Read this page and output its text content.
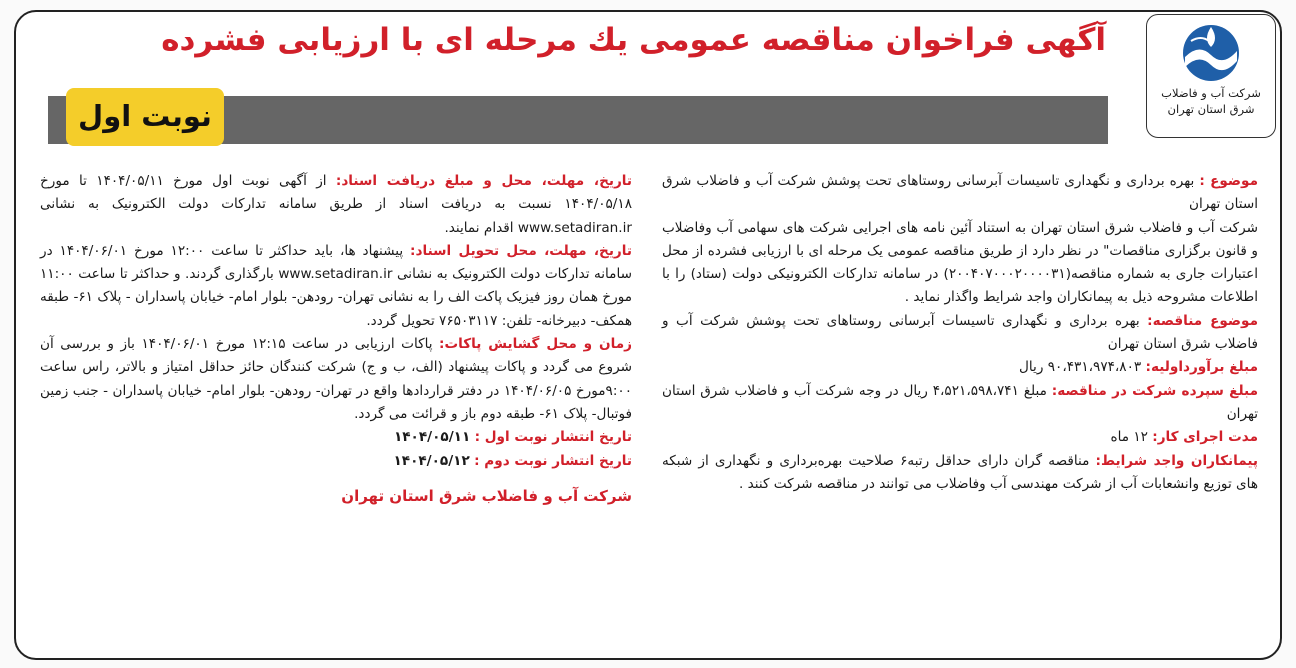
شرکت آب و فاضلاب
شرق استان تهران
آگهی فراخوان مناقصه عمومی یك مرحله ای با ارزیابی فشرده
نوبت اول

موضوع : بهره برداری و نگهداری تاسیسات آبرسانی روستاهای تحت پوشش شرکت آب و فاضلاب شرق استان تهران

شرکت آب و فاضلاب شرق استان تهران به استناد آئین نامه های اجرایی شرکت های سهامی آب وفاضلاب و قانون برگزاری مناقصات" در نظر دارد از طریق مناقصه عمومی یک مرحله ای با ارزیابی فشرده از محل اعتبارات جاری به شماره مناقصه(۲۰۰۴۰۷۰۰۰۲۰۰۰۰۳۱) در سامانه تدارکات الکترونیکی دولت (ستاد) را با اطلاعات مشروحه ذیل به پیمانکاران واجد شرایط واگذار نماید .

موضوع مناقصه: بهره برداری و نگهداری تاسیسات آبرسانی روستاهای تحت پوشش شرکت آب و فاضلاب شرق استان تهران

مبلغ برآورداولیه: ۹۰،۴۳۱،۹۷۴،۸۰۳ ریال

مبلغ سپرده شرکت در مناقصه: مبلغ ۴،۵۲۱،۵۹۸،۷۴۱ ریال در وجه شرکت آب و فاضلاب شرق استان تهران

مدت اجرای کار: ۱۲ ماه

پیمانکاران واجد شرایط: مناقصه گران دارای حداقل رتبه۶ صلاحیت بهره‌برداری و نگهداری از شبکه های توزیع وانشعابات آب از شرکت مهندسی آب وفاضلاب می توانند در مناقصه شرکت کنند .

تاریخ، مهلت، محل و مبلغ دریافت اسناد: از آگهی نوبت اول مورخ ۱۴۰۴/۰۵/۱۱ تا مورخ ۱۴۰۴/۰۵/۱۸ نسبت به دریافت اسناد از طریق سامانه تدارکات دولت الکترونیک به نشانی www.setadiran.ir اقدام نمایند.

تاریخ، مهلت، محل تحویل اسناد: پیشنهاد ها، باید حداکثر تا ساعت ۱۲:۰۰ مورخ ۱۴۰۴/۰۶/۰۱ در سامانه تدارکات دولت الکترونیک به نشانی www.setadiran.ir بارگذاری گردند. و حداکثر تا ساعت ۱۱:۰۰ مورخ همان روز فیزیک پاکت الف را به نشانی تهران- رودهن- بلوار امام- خیابان پاسداران - پلاک ۶۱- طبقه همکف- دبیرخانه- تلفن: ۷۶۵۰۳۱۱۷ تحویل گردد.

زمان و محل گشایش پاکات: پاکات ارزیابی در ساعت ۱۲:۱۵ مورخ ۱۴۰۴/۰۶/۰۱ باز و بررسی آن شروع می گردد و پاکات پیشنهاد (الف، ب و ج) شرکت کنندگان حائز حداقل امتیاز و بالاتر، راس ساعت ۹:۰۰مورخ ۱۴۰۴/۰۶/۰۵ در دفتر قراردادها واقع در تهران- رودهن- بلوار امام- خیابان پاسداران - جنب زمین فوتبال- پلاک ۶۱- طبقه دوم باز و قرائت می گردد.

تاریخ انتشار نوبت اول : ۱۴۰۴/۰۵/۱۱

تاریخ انتشار نوبت دوم : ۱۴۰۴/۰۵/۱۲

شرکت آب و فاضلاب شرق استان تهران
